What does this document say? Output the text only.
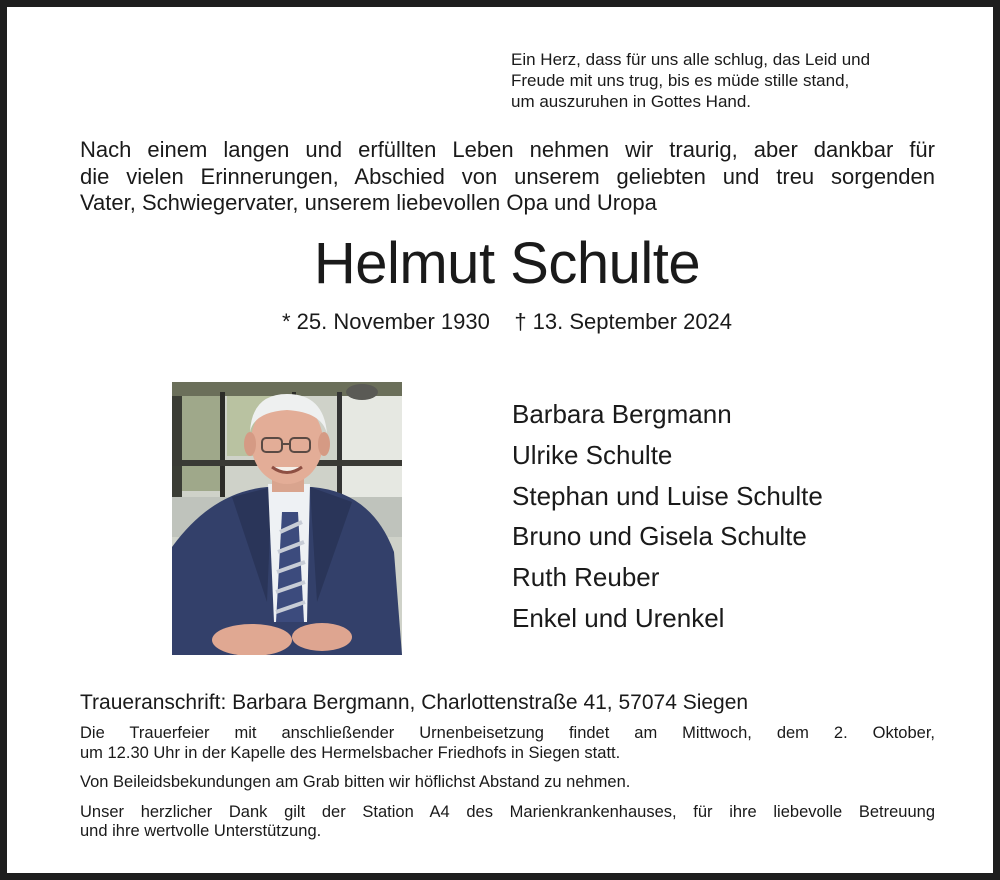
Ein Herz, dass für uns alle schlug, das Leid und
Freude mit uns trug, bis es müde stille stand,
um auszuruhen in Gottes Hand.
Nach einem langen und erfüllten Leben nehmen wir traurig, aber dankbar für
die vielen Erinnerungen, Abschied von unserem geliebten und treu sorgenden
Vater, Schwiegervater, unserem liebevollen Opa und Uropa
Helmut Schulte
* 25. November 1930 † 13. September 2024
Barbara Bergmann
Ulrike Schulte
Stephan und Luise Schulte
Bruno und Gisela Schulte
Ruth Reuber
Enkel und Urenkel
Traueranschrift: Barbara Bergmann, Charlottenstraße 41, 57074 Siegen

Die Trauerfeier mit anschließender Urnenbeisetzung findet am Mittwoch, dem 2. Oktober,
um 12.30 Uhr in der Kapelle des Hermelsbacher Friedhofs in Siegen statt.

Von Beileidsbekundungen am Grab bitten wir höflichst Abstand zu nehmen.

Unser herzlicher Dank gilt der Station A4 des Marienkrankenhauses, für ihre liebevolle Betreuung
und ihre wertvolle Unterstützung.
